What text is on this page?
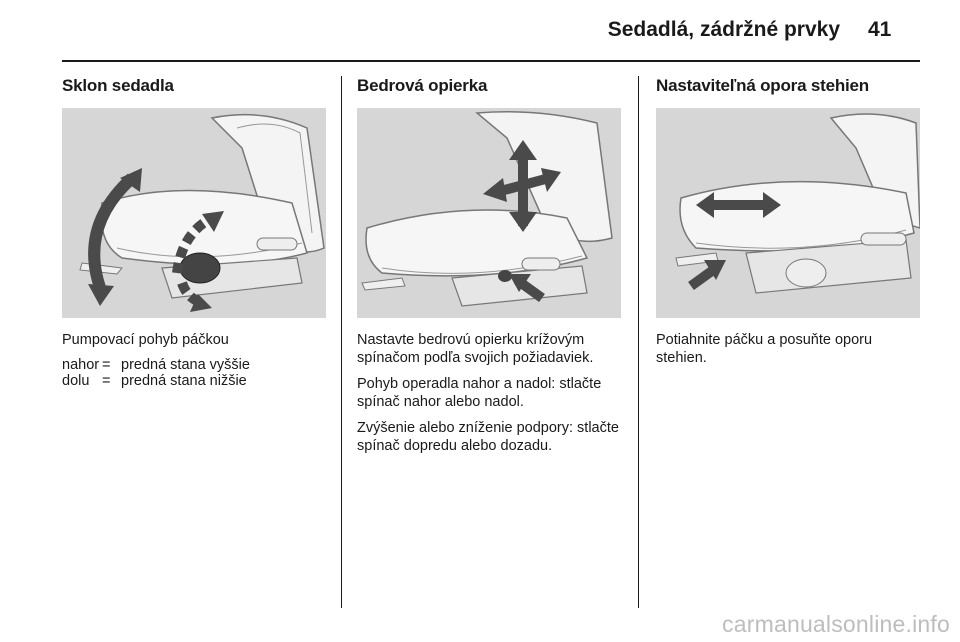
Sedadlá, zádržné prvky 41
Sklon sedadla

Pumpovací pohyb páčkou

nahor = predná stana vyššie
dolu = predná stana nižšie
Bedrová opierka

Nastavte bedrovú opierku krížovým spínačom podľa svojich požiadaviek.

Pohyb operadla nahor a nadol: stlačte spínač nahor alebo nadol.

Zvýšenie alebo zníženie podpory: stlačte spínač dopredu alebo dozadu.

Nastaviteľná opora stehien

Potiahnite páčku a posuňte oporu stehien.

carmanualsonline.info
